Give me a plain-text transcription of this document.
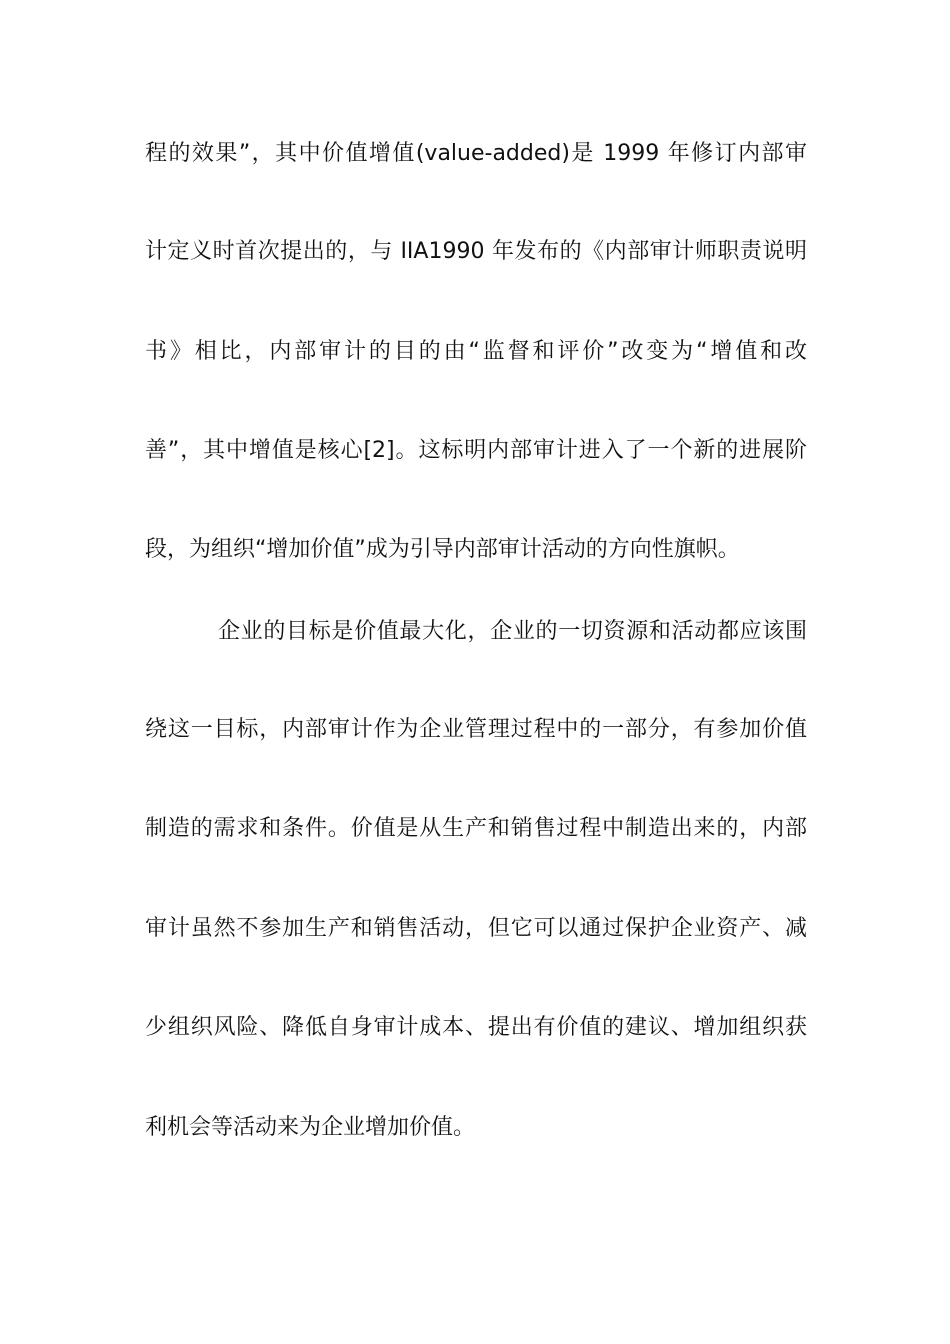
程的效果”，其中价值增值(value-added)是 1999 年修订内部审
计定义时首次提出的，与 IIA1990 年发布的《内部审计师职责说明
书》相比，内部审计的目的由“监督和评价”改变为“增值和改
善”，其中增值是核心[2]。这标明内部审计进入了一个新的进展阶
段，为组织“增加价值”成为引导内部审计活动的方向性旗帜。
企业的目标是价值最大化，企业的一切资源和活动都应该围
绕这一目标，内部审计作为企业管理过程中的一部分，有参加价值
制造的需求和条件。价值是从生产和销售过程中制造出来的，内部
审计虽然不参加生产和销售活动，但它可以通过保护企业资产、减
少组织风险、降低自身审计成本、提出有价值的建议、增加组织获
利机会等活动来为企业增加价值。
